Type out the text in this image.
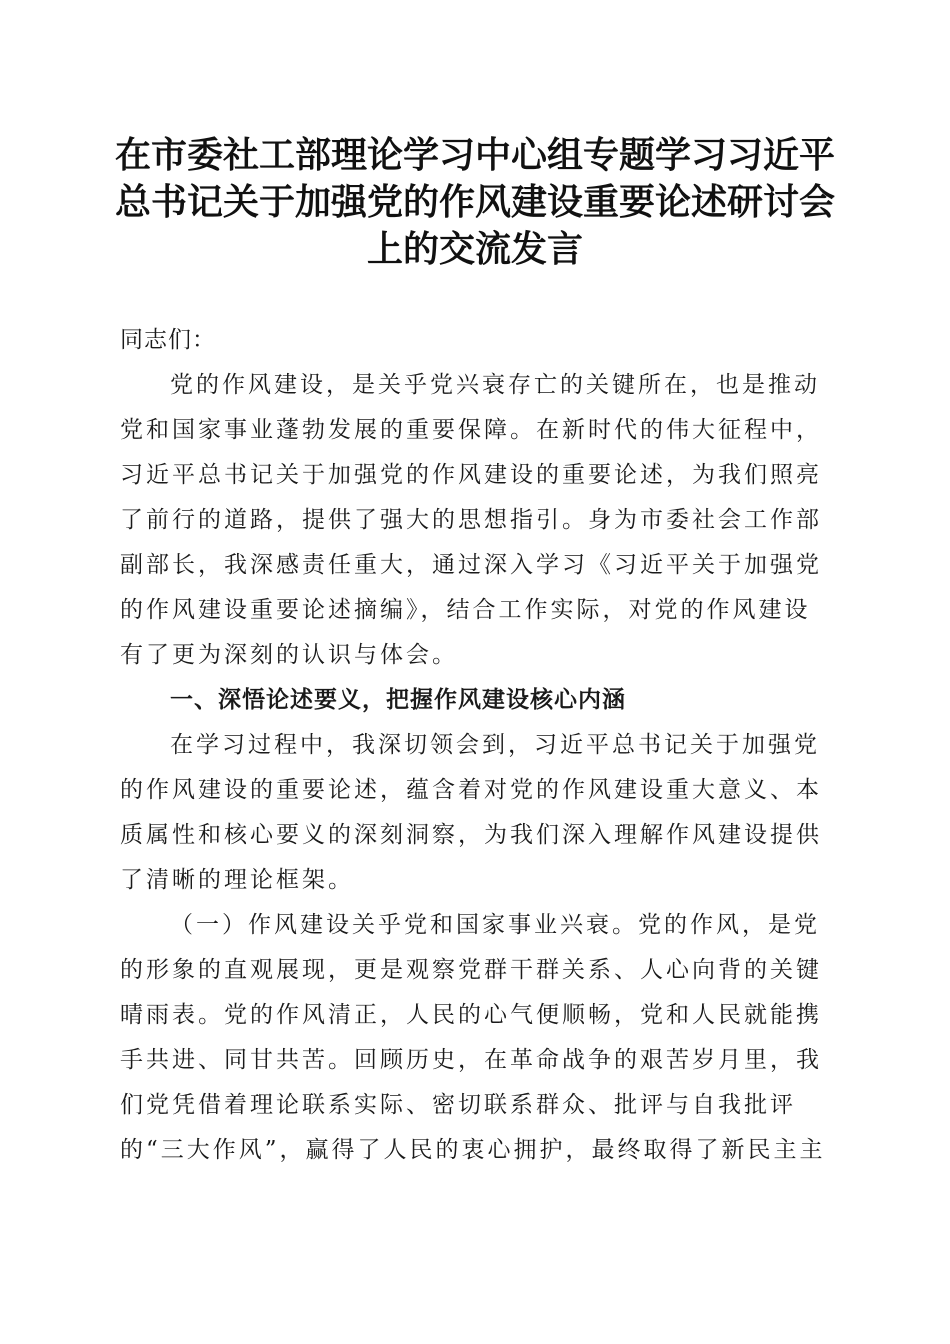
在市委社工部理论学习中心组专题学习习近平
总书记关于加强党的作风建设重要论述研讨会
上的交流发言

同志们：

党的作风建设，是关乎党兴衰存亡的关键所在，也是推动党和国家事业蓬勃发展的重要保障。在新时代的伟大征程中，习近平总书记关于加强党的作风建设的重要论述，为我们照亮了前行的道路，提供了强大的思想指引。身为市委社会工作部副部长，我深感责任重大，通过深入学习《习近平关于加强党的作风建设重要论述摘编》，结合工作实际，对党的作风建设有了更为深刻的认识与体会。

一、深悟论述要义，把握作风建设核心内涵

在学习过程中，我深切领会到，习近平总书记关于加强党的作风建设的重要论述，蕴含着对党的作风建设重大意义、本质属性和核心要义的深刻洞察，为我们深入理解作风建设提供了清晰的理论框架。

（一）作风建设关乎党和国家事业兴衰。党的作风，是党的形象的直观展现，更是观察党群干群关系、人心向背的关键晴雨表。党的作风清正，人民的心气便顺畅，党和人民就能携手共进、同甘共苦。回顾历史，在革命战争的艰苦岁月里，我们党凭借着理论联系实际、密切联系群众、批评与自我批评的“三大作风”，赢得了人民的衷心拥护，最终取得了新民主主
